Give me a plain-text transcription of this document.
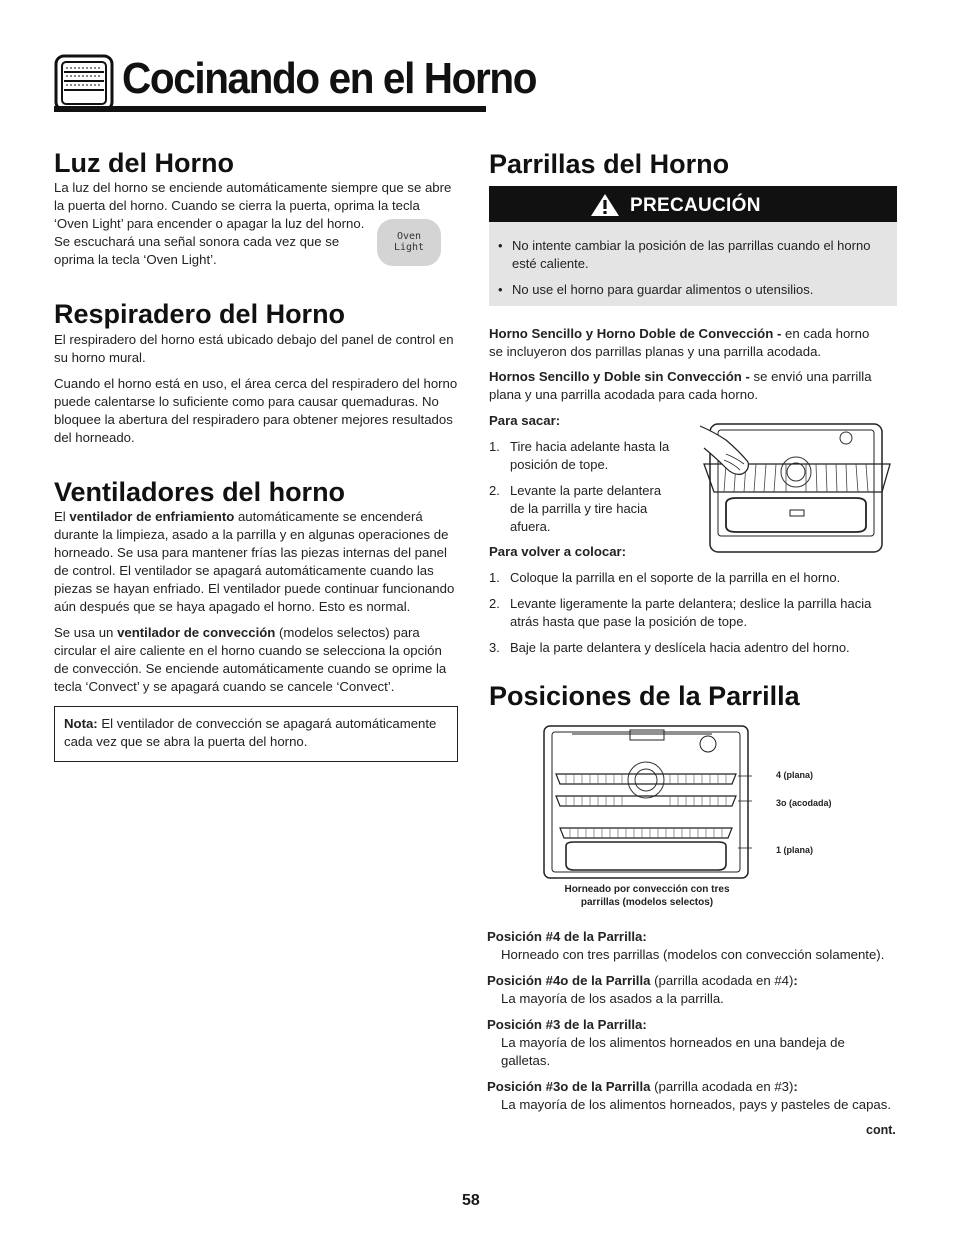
Cocinando en el Horno
Luz del Horno

La luz del horno se enciende automáticamente siempre que se abre

la puerta del horno. Cuando se cierra la puerta, oprima la tecla

‘Oven Light’ para encender o apagar la luz del horno.

Se escuchará una señal sonora cada vez que se

oprima la tecla ‘Oven Light’.

Oven
Light
Respiradero del Horno

El respiradero del horno está ubicado debajo del panel de control en

su horno mural.

Cuando el horno está en uso, el área cerca del respiradero del horno

puede calentarse lo suficiente como para causar quemaduras. No

bloquee la abertura del respiradero para obtener mejores resultados

del horneado.

Ventiladores del horno

El ventilador de enfriamiento automáticamente se encenderá

durante la limpieza, asado a la parrilla y en algunas operaciones de

horneado. Se usa para mantener frías las piezas internas del panel

de control. El ventilador se apagará automáticamente cuando las

piezas se hayan enfriado. El ventilador puede continuar funcionando

aún después que se haya apagado el horno. Esto es normal.

Se usa un ventilador de convección (modelos selectos) para

circular el aire caliente en el horno cuando se selecciona la opción

de convección. Se enciende automáticamente cuando se oprime la

tecla ‘Convect’ y se apagará cuando se cancele ‘Convect’.

Nota: El ventilador de convección se apagará automáticamente

cada vez que se abra la puerta del horno.

Parrillas del Horno
PRECAUCIÓN
• No intente cambiar la posición de las parrillas cuando el horno
esté caliente.
• No use el horno para guardar alimentos o utensilios.

Horno Sencillo y Horno Doble de Convección - en cada horno

se incluyeron dos parrillas planas y una parrilla acodada.

Hornos Sencillo y Doble sin Convección - se envió una parrilla

plana y una parrilla acodada para cada horno.

Para sacar:
1. Tire hacia adelante hasta la
posición de tope.
2. Levante la parte delantera
de la parrilla y tire hacia
afuera.
Para volver a colocar:
1. Coloque la parrilla en el soporte de la parrilla en el horno.
2. Levante ligeramente la parte delantera; deslice la parrilla hacia
atrás hasta que pase la posición de tope.
3. Baje la parte delantera y deslícela hacia adentro del horno.
Posiciones de la Parrilla
4 (plana)
3o (acodada)
1 (plana)
Horneado por convección con tres
parrillas (modelos selectos)

Posición #4 de la Parrilla:

Horneado con tres parrillas (modelos con convección solamente).

Posición #4o de la Parrilla (parrilla acodada en #4):

La mayoría de los asados a la parrilla.

Posición #3 de la Parrilla:

La mayoría de los alimentos horneados en una bandeja de

galletas.

Posición #3o de la Parrilla (parrilla acodada en #3):

La mayoría de los alimentos horneados, pays y pasteles de capas.

cont.
58
